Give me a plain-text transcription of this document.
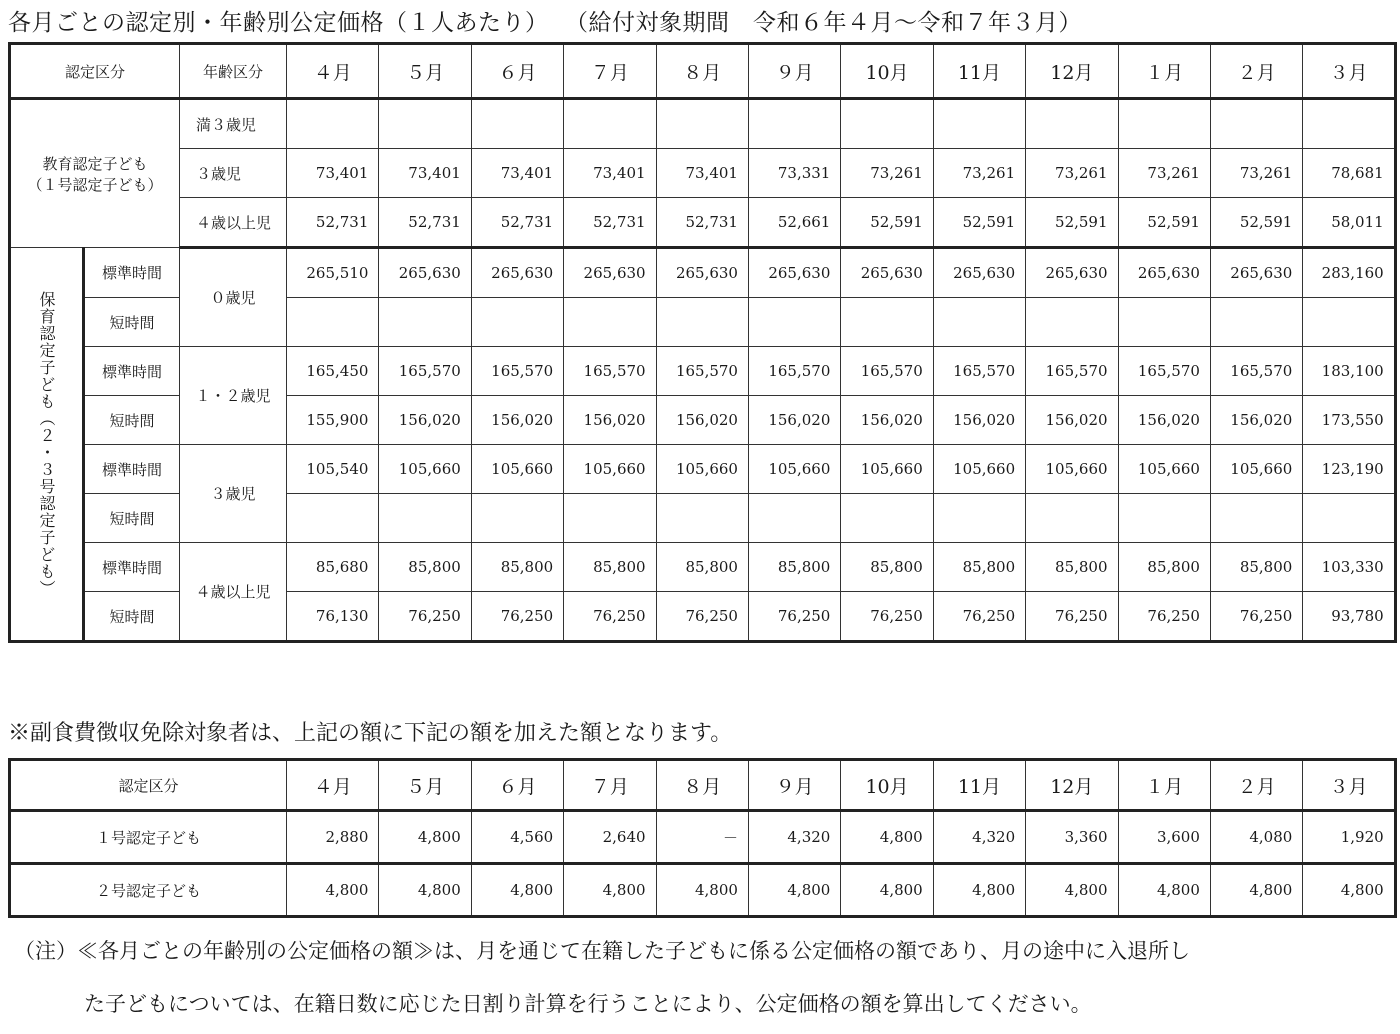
各月ごとの認定別・年齢別公定価格（１人あたり） （給付対象期間　令和６年４月～令和７年３月）
認定区分		年齢区分	４月	５月	６月	７月	８月	９月	10月	11月	12月	１月	２月	３月

教育認定子ども
（１号認定子ども）		満３歳児												
		３歳児	73,401	73,401	73,401	73,401	73,401	73,331	73,261	73,261	73,261	73,261	73,261	78,681
		４歳以上児	52,731	52,731	52,731	52,731	52,731	52,661	52,591	52,591	52,591	52,591	52,591	58,011

保育認定子ども（２・３号認定子ども）	標準時間	０歳児	265,510	265,630	265,630	265,630	265,630	265,630	265,630	265,630	265,630	265,630	265,630	283,160
	短時間													
	標準時間	１・２歳児	165,450	165,570	165,570	165,570	165,570	165,570	165,570	165,570	165,570	165,570	165,570	183,100
	短時間		155,900	156,020	156,020	156,020	156,020	156,020	156,020	156,020	156,020	156,020	156,020	173,550
	標準時間	３歳児	105,540	105,660	105,660	105,660	105,660	105,660	105,660	105,660	105,660	105,660	105,660	123,190
	短時間													
	標準時間	４歳以上児	85,680	85,800	85,800	85,800	85,800	85,800	85,800	85,800	85,800	85,800	85,800	103,330
	短時間		76,130	76,250	76,250	76,250	76,250	76,250	76,250	76,250	76,250	76,250	76,250	93,780
※副食費徴収免除対象者は、上記の額に下記の額を加えた額となります。
認定区分	４月	５月	６月	７月	８月	９月	10月	11月	12月	１月	２月	３月
１号認定子ども	2,880	4,800	4,560	2,640	－	4,320	4,800	4,320	3,360	3,600	4,080	1,920
２号認定子ども	4,800	4,800	4,800	4,800	4,800	4,800	4,800	4,800	4,800	4,800	4,800	4,800
（注）≪各月ごとの年齢別の公定価格の額≫は、月を通じて在籍した子どもに係る公定価格の額であり、月の途中に入退所し
た子どもについては、在籍日数に応じた日割り計算を行うことにより、公定価格の額を算出してください。
